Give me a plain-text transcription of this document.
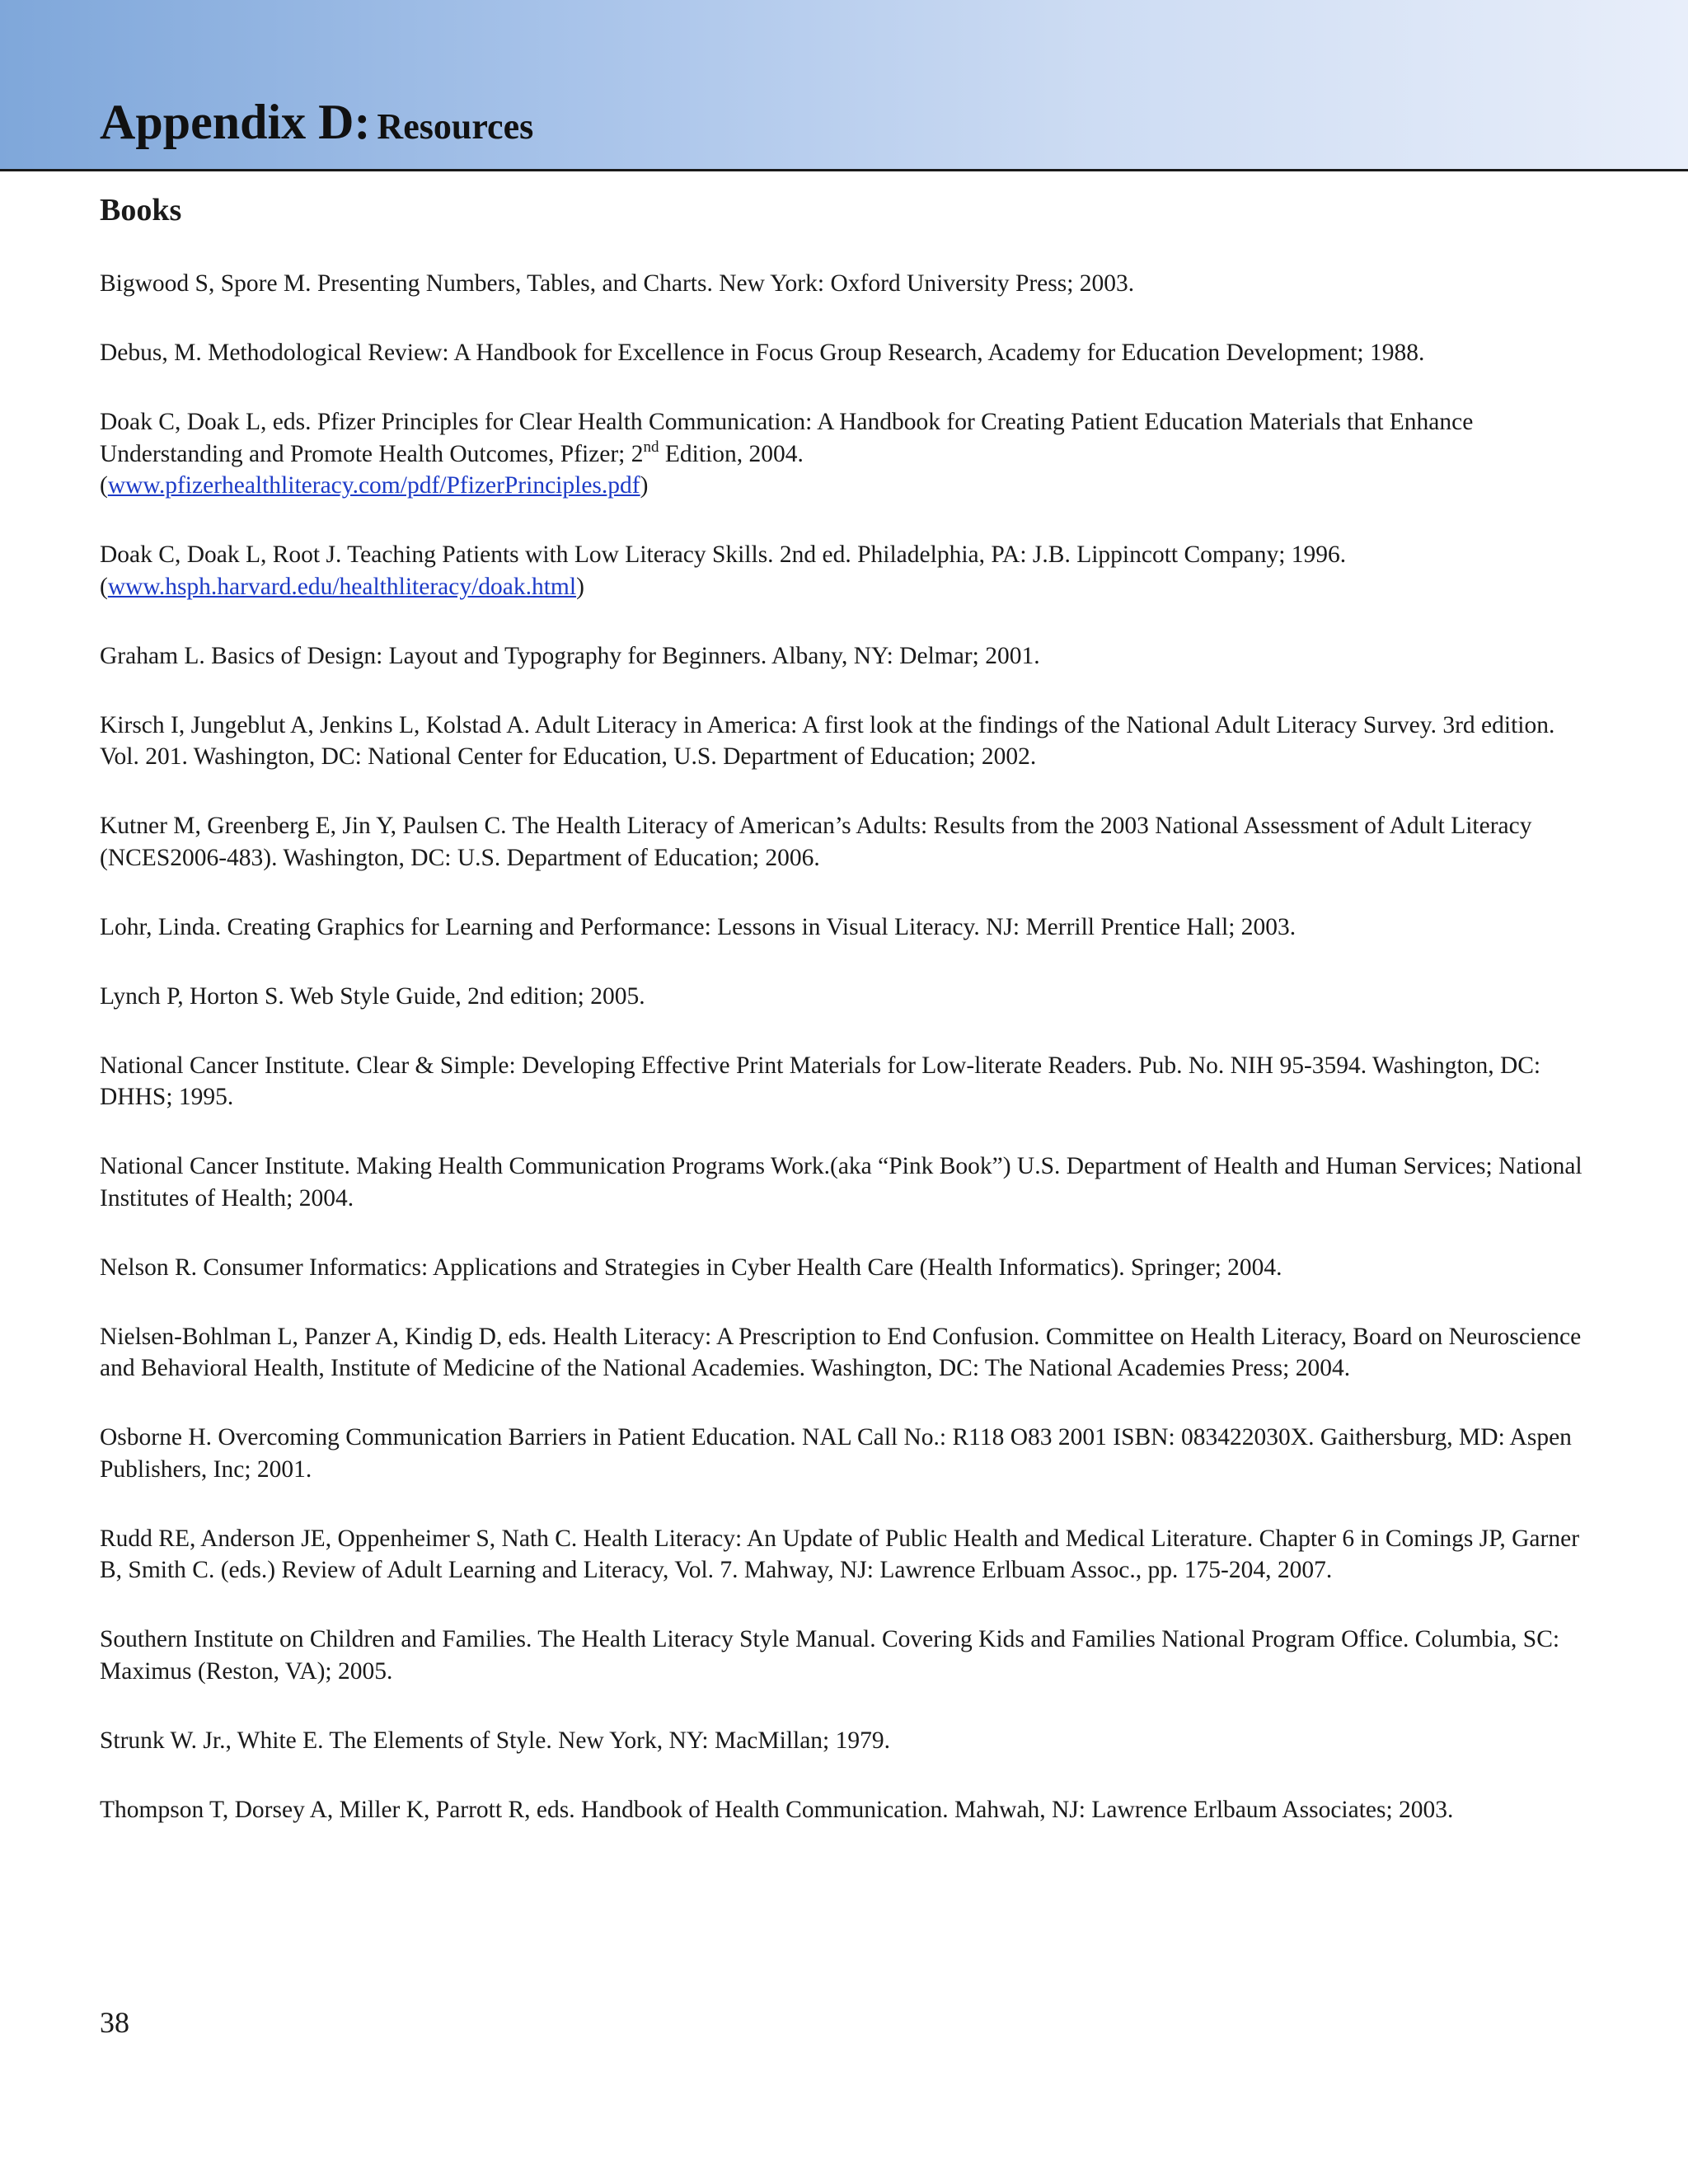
Appendix D: Resources
Books
Bigwood S, Spore M. Presenting Numbers, Tables, and Charts. New York: Oxford University Press; 2003.
Debus, M. Methodological Review: A Handbook for Excellence in Focus Group Research, Academy for Education Development; 1988.
Doak C, Doak L, eds. Pfizer Principles for Clear Health Communication: A Handbook for Creating Patient Education Materials that Enhance Understanding and Promote Health Outcomes, Pfizer; 2nd Edition, 2004.
(www.pfizerhealthliteracy.com/pdf/PfizerPrinciples.pdf)
Doak C, Doak L, Root J. Teaching Patients with Low Literacy Skills. 2nd ed. Philadelphia, PA: J.B. Lippincott Company; 1996.
(www.hsph.harvard.edu/healthliteracy/doak.html)
Graham L. Basics of Design: Layout and Typography for Beginners. Albany, NY: Delmar; 2001.
Kirsch I, Jungeblut A, Jenkins L, Kolstad A. Adult Literacy in America: A first look at the findings of the National Adult Literacy Survey. 3rd edition. Vol. 201. Washington, DC: National Center for Education, U.S. Department of Education; 2002.
Kutner M, Greenberg E, Jin Y, Paulsen C. The Health Literacy of American’s Adults: Results from the 2003 National Assessment of Adult Literacy (NCES2006-483). Washington, DC: U.S. Department of Education; 2006.
Lohr, Linda. Creating Graphics for Learning and Performance: Lessons in Visual Literacy. NJ: Merrill Prentice Hall; 2003.
Lynch P, Horton S. Web Style Guide, 2nd edition; 2005.
National Cancer Institute. Clear & Simple: Developing Effective Print Materials for Low-literate Readers. Pub. No. NIH 95-3594. Washington, DC: DHHS; 1995.
National Cancer Institute. Making Health Communication Programs Work.(aka “Pink Book”) U.S. Department of Health and Human Services; National Institutes of Health; 2004.
Nelson R. Consumer Informatics: Applications and Strategies in Cyber Health Care (Health Informatics). Springer; 2004.
Nielsen-Bohlman L, Panzer A, Kindig D, eds. Health Literacy: A Prescription to End Confusion. Committee on Health Literacy, Board on Neuroscience and Behavioral Health, Institute of Medicine of the National Academies. Washington, DC: The National Academies Press; 2004.
Osborne H. Overcoming Communication Barriers in Patient Education. NAL Call No.: R118 O83 2001 ISBN: 083422030X. Gaithersburg, MD: Aspen Publishers, Inc; 2001.
Rudd RE, Anderson JE, Oppenheimer S, Nath C. Health Literacy: An Update of Public Health and Medical Literature. Chapter 6 in Comings JP, Garner B, Smith C. (eds.) Review of Adult Learning and Literacy, Vol. 7. Mahway, NJ: Lawrence Erlbuam Assoc., pp. 175-204, 2007.
Southern Institute on Children and Families. The Health Literacy Style Manual. Covering Kids and Families National Program Office. Columbia, SC: Maximus (Reston, VA); 2005.
Strunk W. Jr., White E. The Elements of Style. New York, NY: MacMillan; 1979.
Thompson T, Dorsey A, Miller K, Parrott R, eds. Handbook of Health Communication. Mahwah, NJ: Lawrence Erlbaum Associates; 2003.

38
